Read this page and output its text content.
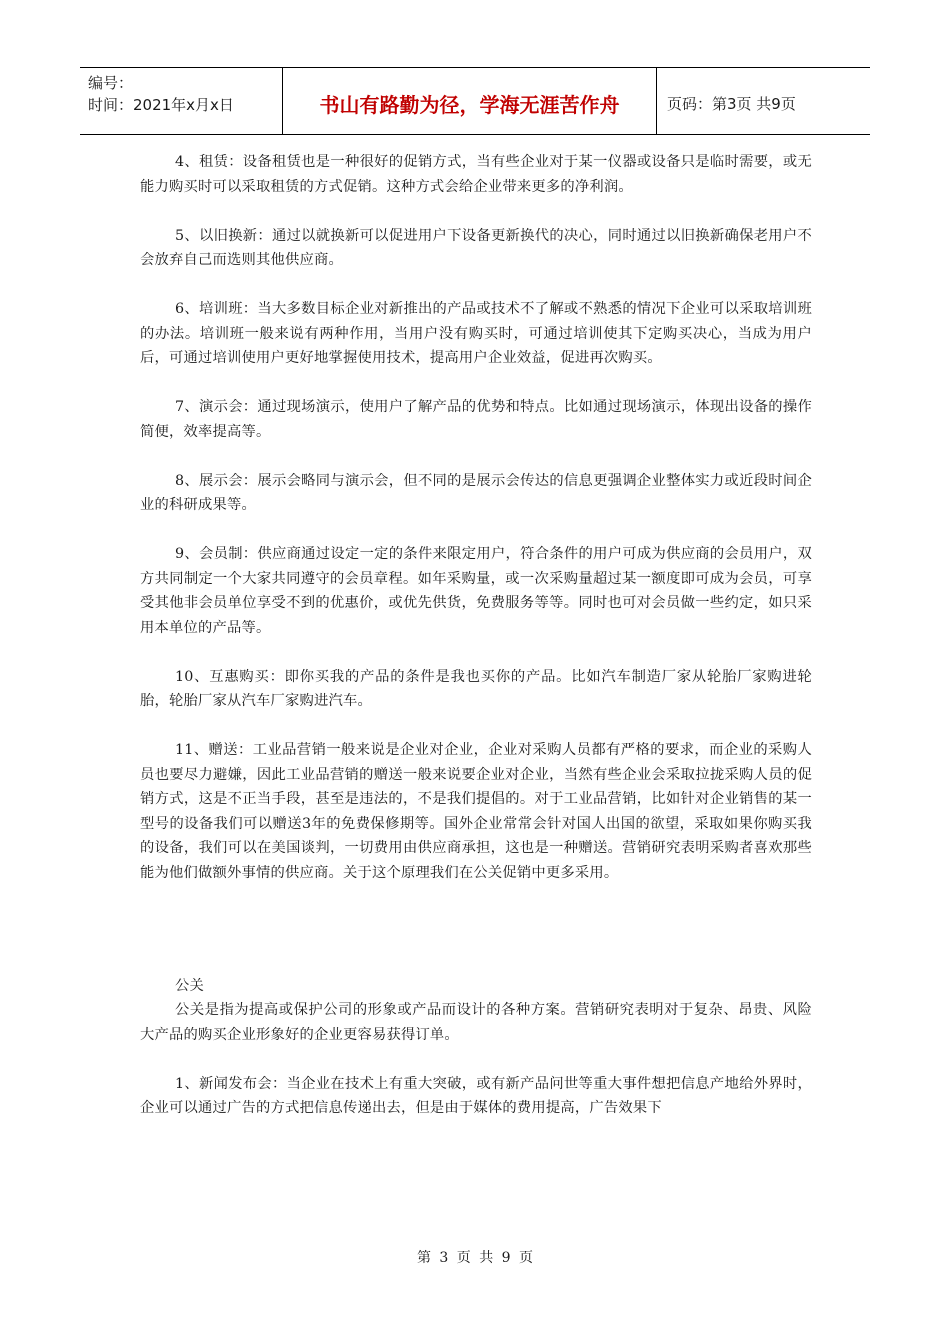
编号：
时间：2021年x月x日	书山有路勤为径，学海无涯苦作舟	页码：第3页 共9页

4、租赁：设备租赁也是一种很好的促销方式，当有些企业对于某一仪器或设备只是临时需要，或无能力购买时可以采取租赁的方式促销。这种方式会给企业带来更多的净利润。

5、以旧换新：通过以就换新可以促进用户下设备更新换代的决心，同时通过以旧换新确保老用户不会放弃自己而选则其他供应商。

6、培训班：当大多数目标企业对新推出的产品或技术不了解或不熟悉的情况下企业可以采取培训班的办法。培训班一般来说有两种作用，当用户没有购买时，可通过培训使其下定购买决心，当成为用户后，可通过培训使用户更好地掌握使用技术，提高用户企业效益，促进再次购买。

7、演示会：通过现场演示，使用户了解产品的优势和特点。比如通过现场演示，体现出设备的操作简便，效率提高等。

8、展示会：展示会略同与演示会，但不同的是展示会传达的信息更强调企业整体实力或近段时间企业的科研成果等。

9、会员制：供应商通过设定一定的条件来限定用户，符合条件的用户可成为供应商的会员用户，双方共同制定一个大家共同遵守的会员章程。如年采购量，或一次采购量超过某一额度即可成为会员，可享受其他非会员单位享受不到的优惠价，或优先供货，免费服务等等。同时也可对会员做一些约定，如只采用本单位的产品等。

10、互惠购买：即你买我的产品的条件是我也买你的产品。比如汽车制造厂家从轮胎厂家购进轮胎，轮胎厂家从汽车厂家购进汽车。

11、赠送：工业品营销一般来说是企业对企业，企业对采购人员都有严格的要求，而企业的采购人员也要尽力避嫌，因此工业品营销的赠送一般来说要企业对企业，当然有些企业会采取拉拢采购人员的促销方式，这是不正当手段，甚至是违法的，不是我们提倡的。对于工业品营销，比如针对企业销售的某一型号的设备我们可以赠送3年的免费保修期等。国外企业常常会针对国人出国的欲望，采取如果你购买我的设备，我们可以在美国谈判，一切费用由供应商承担，这也是一种赠送。营销研究表明采购者喜欢那些能为他们做额外事情的供应商。关于这个原理我们在公关促销中更多采用。

公关

公关是指为提高或保护公司的形象或产品而设计的各种方案。营销研究表明对于复杂、昂贵、风险大产品的购买企业形象好的企业更容易获得订单。

1、新闻发布会：当企业在技术上有重大突破，或有新产品问世等重大事件想把信息产地给外界时，企业可以通过广告的方式把信息传递出去，但是由于媒体的费用提高，广告效果下

第 3 页 共 9 页
